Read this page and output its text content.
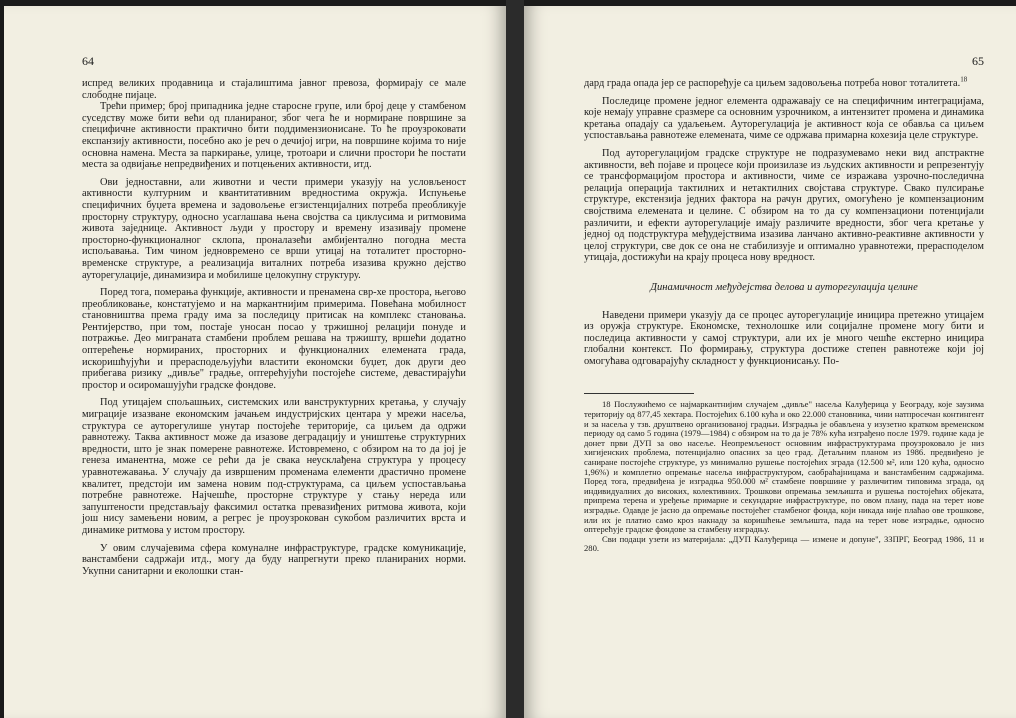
64

испред великих продавница и стајалиштима јавног превоза, формирају се мале слободне пијаце.

Трећи пример; број припадника једне старосне групе, или број деце у стамбеном суседству може бити већи од планираног, због чега ће и нормиране површине за специфичне активности практично бити поддимензионисане. То ће проузроковати експанзију активности, посебно ако је реч о дечијој игри, на површине којима то није основна намена. Места за паркирање, улице, тротоари и слични простори ће постати места за одвијање непредвиђених и потцењених активности, итд.

Ови једноставни, али животни и чести примери указују на условљеност активности културним и квантитативним вредностима окружја. Испуњење специфичних буџета времена и задовољење егзистенцијалних потреба преобликује просторну структуру, односно усаглашава њена својства са циклусима и ритмовима живота заједнице. Активност људи у простору и времену изазивају промене просторно-функционалног склопа, проналазећи амбијентално погодна места испољавања. Тим чином једновремено се врши утицај на тоталитет просторно-временске структуре, а реализација виталних потреба изазива кружно дејство ауторегулације, динамизира и мобилише целокупну структуру.

Поред тога, померања функције, активности и пренамена свр-хе простора, његово преобликовање, констатујемо и на маркантнијим примерима. Повећана мобилност становништва према граду има за последицу притисак на комплекс становања. Рентијерство, при том, постаје уносан посао у тржишној релацији понуде и потражње. Део миграната стамбени проблем решава на тржишту, вршећи додатно оптерећење нормираних, просторних и функционалних елемената града, искоришћујући и прерасподељујући властити економски бyџет, док други део прибегава ризику „дивље" градње, оптерећујући постојеће системе, девастирајући простор и осиромашујући градске фондове.

Под утицајем спољашњих, системских или ванструктурних кретања, у случају миграције изазване економским јачањем индустријских центара у мрежи насеља, структура се ауторегулише унутар постојеће територије, са циљем да одржи равнотежу. Таква активност може да изазове деградацију и уништење структурних вредности, што је знак померене равнотеже. Истовремено, с обзиром на то да јој је генеза иманентна, може се рећи да је свака неусклађена структура у процесу уравнотежавања. У случају да извршеним променама елементи драстично промене квалитет, предстоји им замена новим под-структурама, са циљем успостављања потребне равнотеже. Најчешће, просторне структуре у стању нереда или запуштености представљају факсимил остатка превазиђених ритмова живота, који још нису замењени новим, а регрес је проузрокован сукобом различитих врста и динамике ритмова у истом простору.

У овим случајевима сфера комуналне инфраструктуре, градске комуникације, ванстамбени садржаји итд., могу да буду напрегнути преко планираних норми. Укупни санитарни и еколошки стан-

65

дард града опада јер се распоређује са циљем задовољења потреба новог тоталитета.$^{18}$

Последице промене једног елемента одражавају се на специфичним интеграцијама, које немају управне сразмере са основним узрочником, а интензитет промена и динамика кретања опадају са удаљењем. Ауторегулација је активност која се обавља са циљем успостављања равнотеже елемената, чиме се одржава примарна кохезија целе структуре.

Под ауторегулацијом градске структуре не подразумевамо неки вид апстрактне активности, већ појаве и процесе који произилазе из људских активности и репрезентују се трансформацијом простора и активности, чиме се изражава узрочно-последична релација операција тактилних и нетактилних својстава структуре. Свако пулсирање структуре, екстензија једних фактора на рачун других, омогућено је компензационим својствима елемената и целине. С обзиром на то да су компензациони потенцијали различити, и ефекти ауторегулације имају различите вредности, због чега кретање у једној од подструктура међудејствима изазива ланчано активно-реактивне активности у целој структури, све док се она не стабилизује и оптимално уравнотежи, прерасподелом утицаја, достижући на крају процеса нову вредност.

Динамичност међудејства делова и ауторегулација целине

Наведени примери указују да се процес ауторегулације иницира претежно утицајем из оружја структуре. Економске, технолошке или социјалне промене могу бити и последица активности у самој структури, али их је много чешће екстерно иницира глобални контекст. По формирању, структура достиже степен равнотеже који јој омогућава одговарајућу складност у функционисању. По-

18 Послужићемо се најмаркантнијим случајем „дивље" насеља Калуђерица у Београду, које заузима територију од 877,45 хектара. Постојећих 6.100 кућа и око 22.000 становника, чини натпросечан контингент и за насеља у тзв. друштвено организованој градњи. Изградња је обављена у изузетно кратком временском периоду од само 5 година (1979—1984) с обзиром на то да је 78% кућа изграђено после 1979. године када је донет први ДУП за ово насеље. Неопремљеност основним инфраструктурама проузроковало је низ хигијенских проблема, потенцијално опасних за цео град. Детаљним планом из 1986. предвиђено је саниране постојеће структуре, уз минимално рушење постојећих зграда (12.500 м², или 120 кућа, односно 1,96%) и комплетно опремање насеља инфраструктуром, саобраћајницама и ванстамбеним садржајима. Поред тога, предвиђена је изградња 950.000 м² стамбене површине у различитим типовима зграда, од индивидуалних до високих, колективних. Трошкови опремања земљишта и рушења постојећих објеката, припрема терена и уређење примарне и секундарне инфраструктуре, по овом плану, пада на терет нове изградње. Одавде је јасно да опремање постојећег стамбеног фонда, који никада није плаћао ове трошкове, или их је платио само кроз накнаду за коришћење земљишта, пада на терет нове изградње, односно оптерећује градске фондове за стамбену изградњу.

Сви подаци узети из материјала: „ДУП Калуђерица — измене и допуне", ЗЗПРГ, Београд 1986, 11 и 280.
